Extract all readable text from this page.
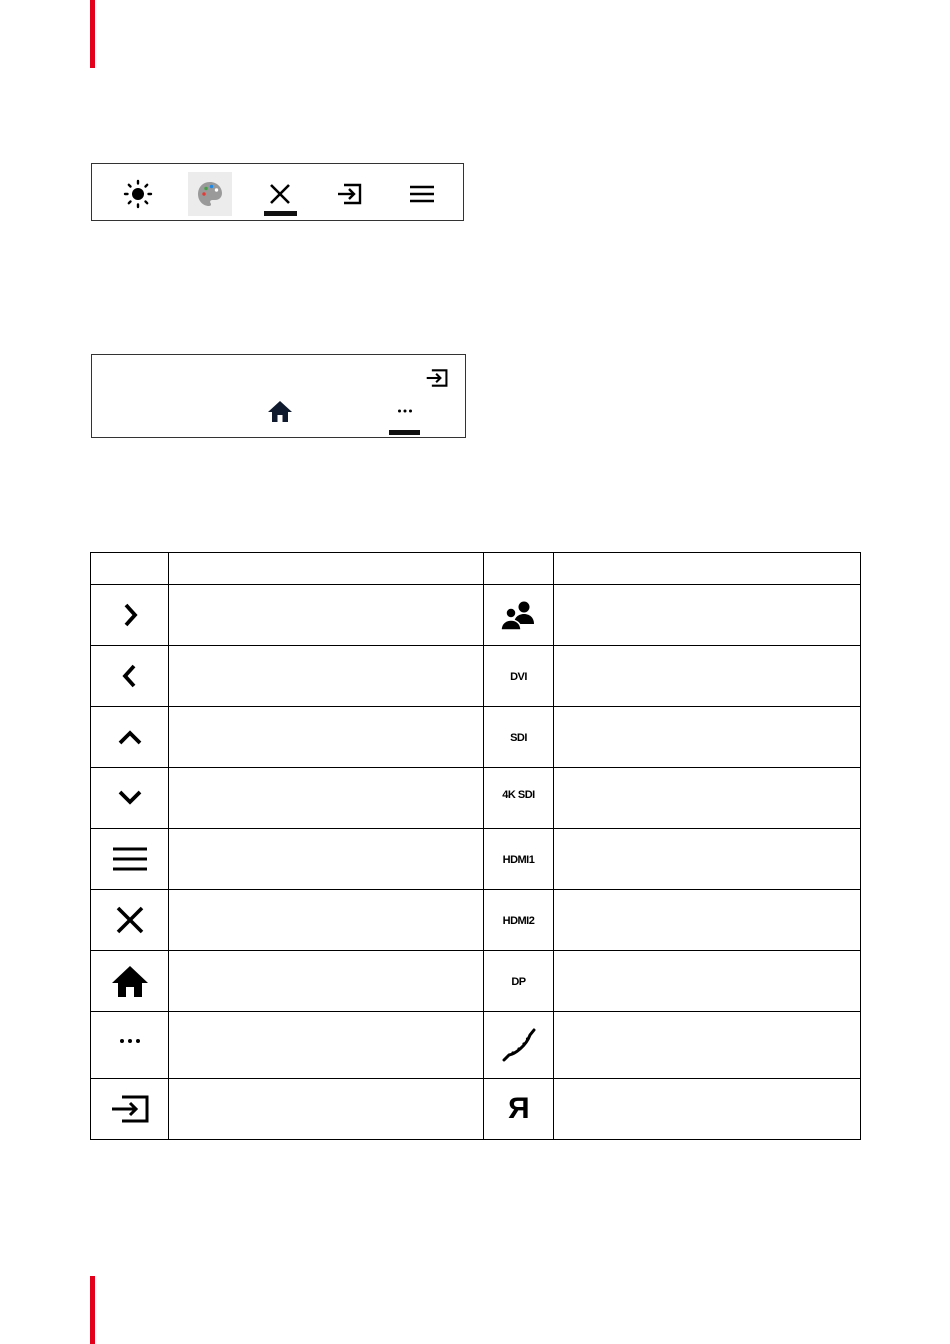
		DVI	
		SDI	
		$^{4K SDI}$	
		HDMI1	
		HDMI2	
		DP	

		R	
